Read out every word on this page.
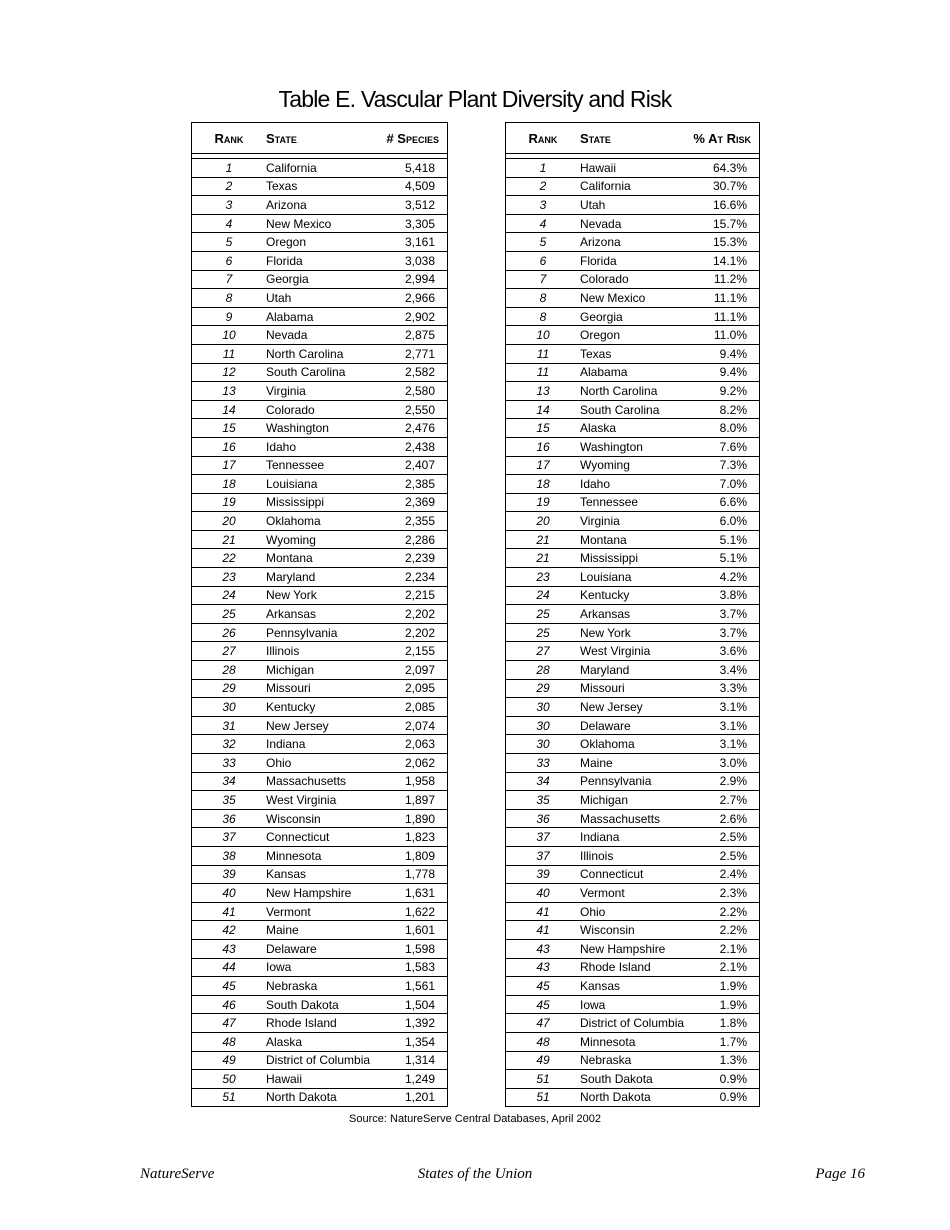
Table E. Vascular Plant Diversity and Risk
Rank	State	# Species

1	California	5,418
2	Texas	4,509
3	Arizona	3,512
4	New Mexico	3,305
5	Oregon	3,161
6	Florida	3,038
7	Georgia	2,994
8	Utah	2,966
9	Alabama	2,902
10	Nevada	2,875
11	North Carolina	2,771
12	South Carolina	2,582
13	Virginia	2,580
14	Colorado	2,550
15	Washington	2,476
16	Idaho	2,438
17	Tennessee	2,407
18	Louisiana	2,385
19	Mississippi	2,369
20	Oklahoma	2,355
21	Wyoming	2,286
22	Montana	2,239
23	Maryland	2,234
24	New York	2,215
25	Arkansas	2,202
26	Pennsylvania	2,202
27	Illinois	2,155
28	Michigan	2,097
29	Missouri	2,095
30	Kentucky	2,085
31	New Jersey	2,074
32	Indiana	2,063
33	Ohio	2,062
34	Massachusetts	1,958
35	West Virginia	1,897
36	Wisconsin	1,890
37	Connecticut	1,823
38	Minnesota	1,809
39	Kansas	1,778
40	New Hampshire	1,631
41	Vermont	1,622
42	Maine	1,601
43	Delaware	1,598
44	Iowa	1,583
45	Nebraska	1,561
46	South Dakota	1,504
47	Rhode Island	1,392
48	Alaska	1,354
49	District of Columbia	1,314
50	Hawaii	1,249
51	North Dakota	1,201
Rank	State	% At Risk

1	Hawaii	64.3%
2	California	30.7%
3	Utah	16.6%
4	Nevada	15.7%
5	Arizona	15.3%
6	Florida	14.1%
7	Colorado	11.2%
8	New Mexico	11.1%
8	Georgia	11.1%
10	Oregon	11.0%
11	Texas	9.4%
11	Alabama	9.4%
13	North Carolina	9.2%
14	South Carolina	8.2%
15	Alaska	8.0%
16	Washington	7.6%
17	Wyoming	7.3%
18	Idaho	7.0%
19	Tennessee	6.6%
20	Virginia	6.0%
21	Montana	5.1%
21	Mississippi	5.1%
23	Louisiana	4.2%
24	Kentucky	3.8%
25	Arkansas	3.7%
25	New York	3.7%
27	West Virginia	3.6%
28	Maryland	3.4%
29	Missouri	3.3%
30	New Jersey	3.1%
30	Delaware	3.1%
30	Oklahoma	3.1%
33	Maine	3.0%
34	Pennsylvania	2.9%
35	Michigan	2.7%
36	Massachusetts	2.6%
37	Indiana	2.5%
37	Illinois	2.5%
39	Connecticut	2.4%
40	Vermont	2.3%
41	Ohio	2.2%
41	Wisconsin	2.2%
43	New Hampshire	2.1%
43	Rhode Island	2.1%
45	Kansas	1.9%
45	Iowa	1.9%
47	District of Columbia	1.8%
48	Minnesota	1.7%
49	Nebraska	1.3%
51	South Dakota	0.9%
51	North Dakota	0.9%
Source: NatureServe Central Databases, April 2002
NatureServe	States of the Union	Page 16
